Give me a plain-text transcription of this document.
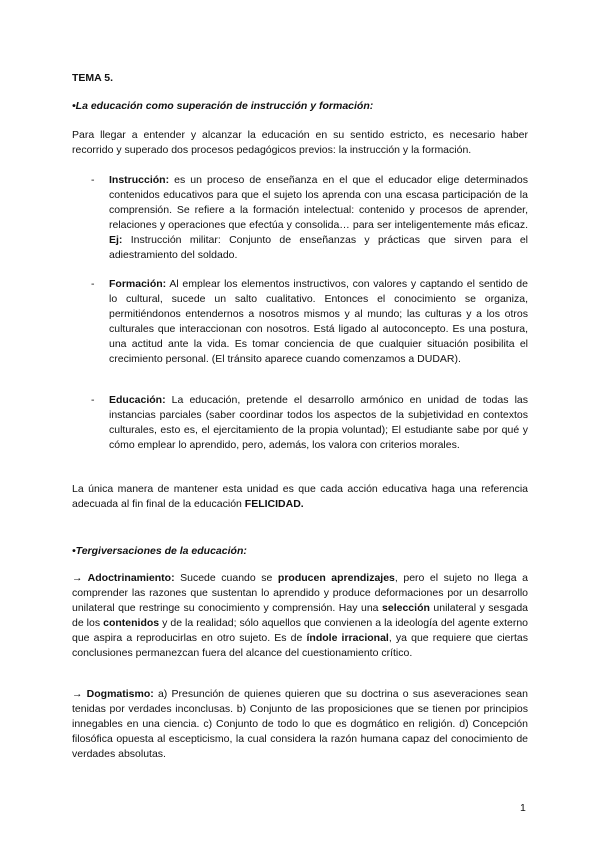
TEMA 5.
•La educación como superación de instrucción y formación:

Para llegar a entender y alcanzar la educación en su sentido estricto, es necesario haber recorrido y superado dos procesos pedagógicos previos: la instrucción y la formación.

- Instrucción: es un proceso de enseñanza en el que el educador elige determinados contenidos educativos para que el sujeto los aprenda con una escasa participación de la comprensión. Se refiere a la formación intelectual: contenido y procesos de aprender, relaciones y operaciones que efectúa y consolida… para ser inteligentemente más eficaz. Ej: Instrucción militar: Conjunto de enseñanzas y prácticas que sirven para el adiestramiento del soldado.
- Formación: Al emplear los elementos instructivos, con valores y captando el sentido de lo cultural, sucede un salto cualitativo. Entonces el conocimiento se organiza, permitiéndonos entendernos a nosotros mismos y al mundo; las culturas y a los otros culturales que interaccionan con nosotros. Está ligado al autoconcepto. Es una postura, una actitud ante la vida. Es tomar conciencia de que cualquier situación posibilita el crecimiento personal. (El tránsito aparece cuando comenzamos a DUDAR).
- Educación: La educación, pretende el desarrollo armónico en unidad de todas las instancias parciales (saber coordinar todos los aspectos de la subjetividad en contextos culturales, esto es, el ejercitamiento de la propia voluntad); El estudiante sabe por qué y cómo emplear lo aprendido, pero, además, los valora con criterios morales.

La única manera de mantener esta unidad es que cada acción educativa haga una referencia adecuada al fin final de la educación FELICIDAD.

•Tergiversaciones de la educación:

→ Adoctrinamiento: Sucede cuando se producen aprendizajes, pero el sujeto no llega a comprender las razones que sustentan lo aprendido y produce deformaciones por un desarrollo unilateral que restringe su conocimiento y comprensión. Hay una selección unilateral y sesgada de los contenidos y de la realidad; sólo aquellos que convienen a la ideología del agente externo que aspira a reproducirlas en otro sujeto. Es de índole irracional, ya que requiere que ciertas conclusiones permanezcan fuera del alcance del cuestionamiento crítico.

→ Dogmatismo: a) Presunción de quienes quieren que su doctrina o sus aseveraciones sean tenidas por verdades inconclusas. b) Conjunto de las proposiciones que se tienen por principios innegables en una ciencia. c) Conjunto de todo lo que es dogmático en religión. d) Concepción filosófica opuesta al escepticismo, la cual considera la razón humana capaz del conocimiento de verdades absolutas.

1
